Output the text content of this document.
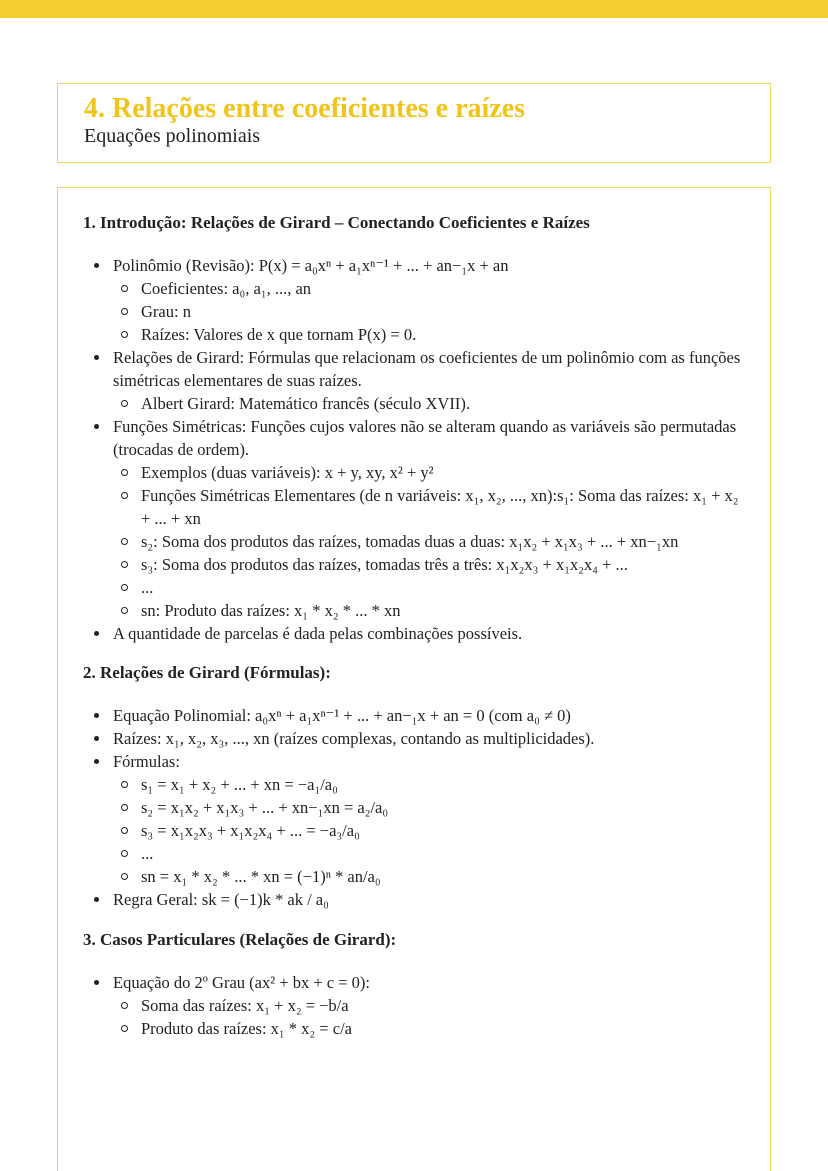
4. Relações entre coeficientes e raízes
Equações polinomiais
1. Introdução: Relações de Girard – Conectando Coeficientes e Raízes
Polinômio (Revisão): P(x) = a₀xⁿ + a₁xⁿ⁻¹ + ... + an−₁x + an
Coeficientes: a₀, a₁, ..., an
Grau: n
Raízes: Valores de x que tornam P(x) = 0.
Relações de Girard: Fórmulas que relacionam os coeficientes de um polinômio com as funções simétricas elementares de suas raízes.
Albert Girard: Matemático francês (século XVII).
Funções Simétricas: Funções cujos valores não se alteram quando as variáveis são permutadas (trocadas de ordem).
Exemplos (duas variáveis): x + y, xy, x² + y²
Funções Simétricas Elementares (de n variáveis: x₁, x₂, ..., xn):s₁: Soma das raízes: x₁ + x₂ + ... + xn
s₂: Soma dos produtos das raízes, tomadas duas a duas: x₁x₂ + x₁x₃ + ... + xn−₁xn
s₃: Soma dos produtos das raízes, tomadas três a três: x₁x₂x₃ + x₁x₂x₄ + ...
...
sn: Produto das raízes: x₁ * x₂ * ... * xn
A quantidade de parcelas é dada pelas combinações possíveis.
2. Relações de Girard (Fórmulas):
Equação Polinomial: a₀xⁿ + a₁xⁿ⁻¹ + ... + an−₁x + an = 0 (com a₀ ≠ 0)
Raízes: x₁, x₂, x₃, ..., xn (raízes complexas, contando as multiplicidades).
Fórmulas:
s₁ = x₁ + x₂ + ... + xn = −a₁/a₀
s₂ = x₁x₂ + x₁x₃ + ... + xn−₁xn = a₂/a₀
s₃ = x₁x₂x₃ + x₁x₂x₄ + ... = −a₃/a₀
...
sn = x₁ * x₂ * ... * xn = (−1)ⁿ * an/a₀
Regra Geral: sk = (−1)k * ak / a₀
3. Casos Particulares (Relações de Girard):
Equação do 2º Grau (ax² + bx + c = 0):
Soma das raízes: x₁ + x₂ = −b/a
Produto das raízes: x₁ * x₂ = c/a
